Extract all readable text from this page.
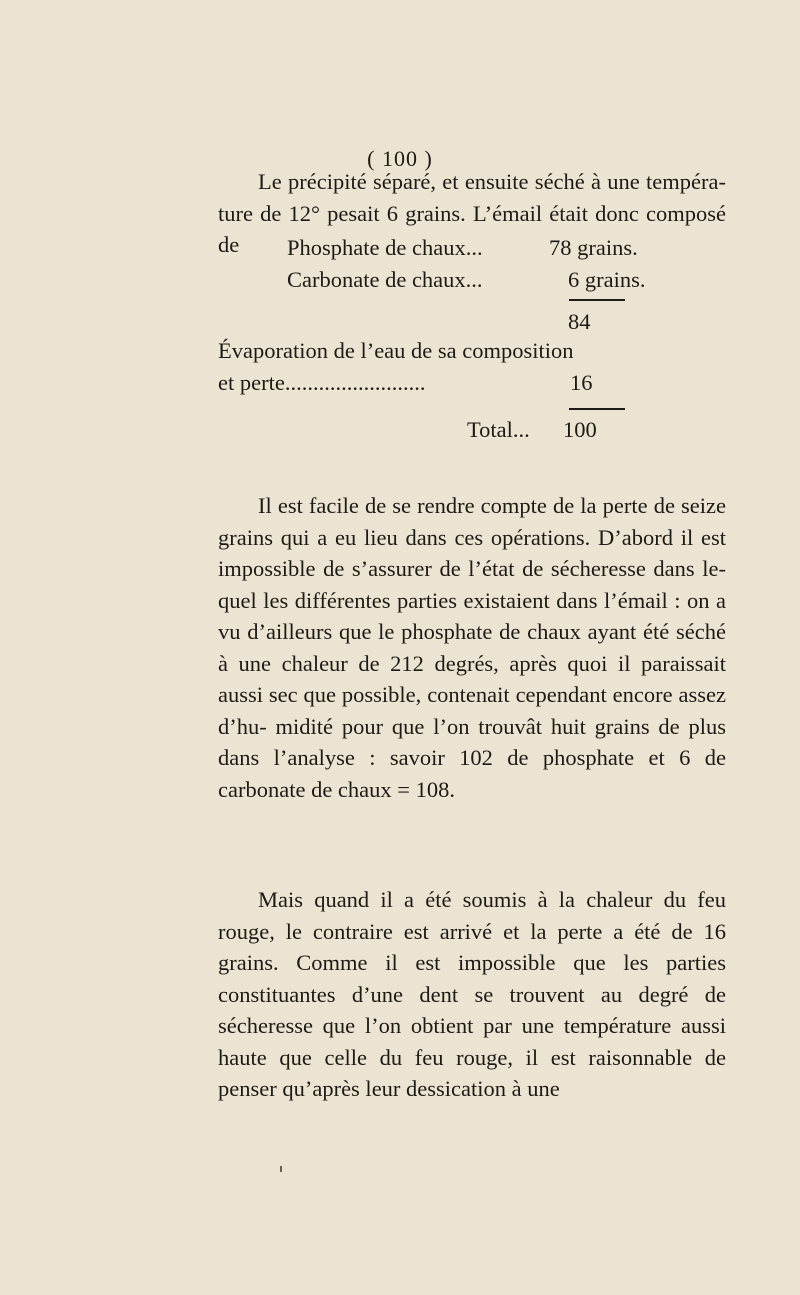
( 100 )

Le précipité séparé, et ensuite séché à une tempéra- ture de 12° pesait 6 grains. L’émail était donc composé de	Phosphate de chaux...	78 grains.
Carbonate de chaux...	6 grains.
84
Évaporation de l’eau de sa composition
et perte.........................	16
Total... 100

Il est facile de se rendre compte de la perte de seize grains qui a eu lieu dans ces opérations. D’abord il est impossible de s’assurer de l’état de sécheresse dans le- quel les différentes parties existaient dans l’émail : on a vu d’ailleurs que le phosphate de chaux ayant été séché à une chaleur de 212 degrés, après quoi il paraissait aussi sec que possible, contenait cependant encore assez d’hu- midité pour que l’on trouvât huit grains de plus dans l’analyse : savoir 102 de phosphate et 6 de carbonate de chaux = 108.

Mais quand il a été soumis à la chaleur du feu rouge, le contraire est arrivé et la perte a été de 16 grains. Comme il est impossible que les parties constituantes d’une dent se trouvent au degré de sécheresse que l’on obtient par une température aussi haute que celle du feu rouge, il est raisonnable de penser qu’après leur dessication à une
